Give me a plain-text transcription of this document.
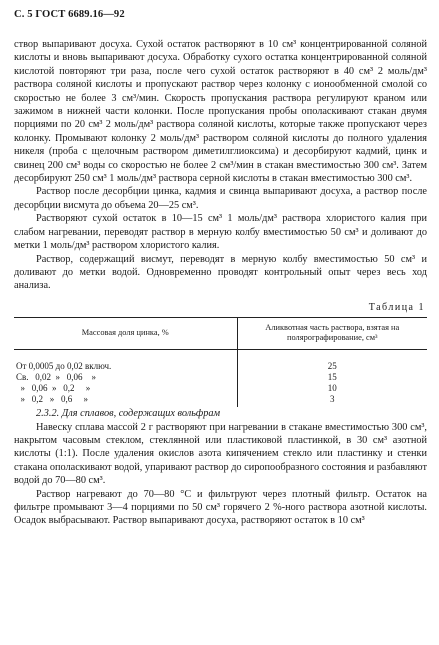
С. 5 ГОСТ 6689.16—92

створ выпаривают досуха. Сухой остаток растворяют в 10 см³ концентрированной соляной кислоты и вновь выпаривают досуха. Обработку сухого остатка концентрированной соляной кислотой повторяют три раза, после чего сухой остаток растворяют в 40 см³ 2 моль/дм³ раствора соляной кислоты и пропускают раствор через колонку с ионообменной смолой со скоростью не более 3 см³/мин. Скорость пропускания раствора регулируют краном или зажимом в нижней части колонки. После пропускания пробы ополаскивают стакан двумя порциями по 20 см³ 2 моль/дм³ раствора соляной кислоты, которые также пропускают через колонку. Промывают колонку 2 моль/дм³ раствором соляной кислоты до полного удаления никеля (проба с щелочным раствором диметилглиоксима) и десорбируют кадмий, цинк и свинец 200 см³ воды со скоростью не более 2 см³/мин в стакан вместимостью 300 см³. Затем десорбируют 250 см³ 1 моль/дм³ раствора серной кислоты в стакан вместимостью 300 см³.

Раствор после десорбции цинка, кадмия и свинца выпаривают досуха, а раствор после десорбции висмута до объема 20—25 см³.

Растворяют сухой остаток в 10—15 см³ 1 моль/дм³ раствора хлористого калия при слабом нагревании, переводят раствор в мерную колбу вместимостью 50 см³ и доливают до метки 1 моль/дм³ раствором хлористого калия.

Раствор, содержащий висмут, переводят в мерную колбу вместимостью 50 см³ и доливают до метки водой. Одновременно проводят контрольный опыт через весь ход анализа.

Таблица 1
Массовая доля цинка, %	Аликвотная часть раствора, взятая на полярографирование, см³
От 0,0005 до 0,02 включ.	25
Св.   0,02  »   0,06    »	15
»   0,06  »   0,2     »	10
»   0,2   »   0,6     »	3

2.3.2. Для сплавов, содержащих вольфрам

Навеску сплава массой 2 г растворяют при нагревании в стакане вместимостью 300 см³, накрытом часовым стеклом, стеклянной или пластиковой пластинкой, в 30 см³ азотной кислоты (1:1). После удаления окислов азота кипячением стекло или пластинку и стенки стакана ополаскивают водой, упаривают раствор до сиропообразного состояния и разбавляют водой до 70—80 см³.

Раствор нагревают до 70—80 °С и фильтруют через плотный фильтр. Остаток на фильтре промывают 3—4 порциями по 50 см³ горячего 2 %-ного раствора азотной кислоты. Осадок выбрасывают. Раствор выпаривают досуха, растворяют остаток в 10 см³
